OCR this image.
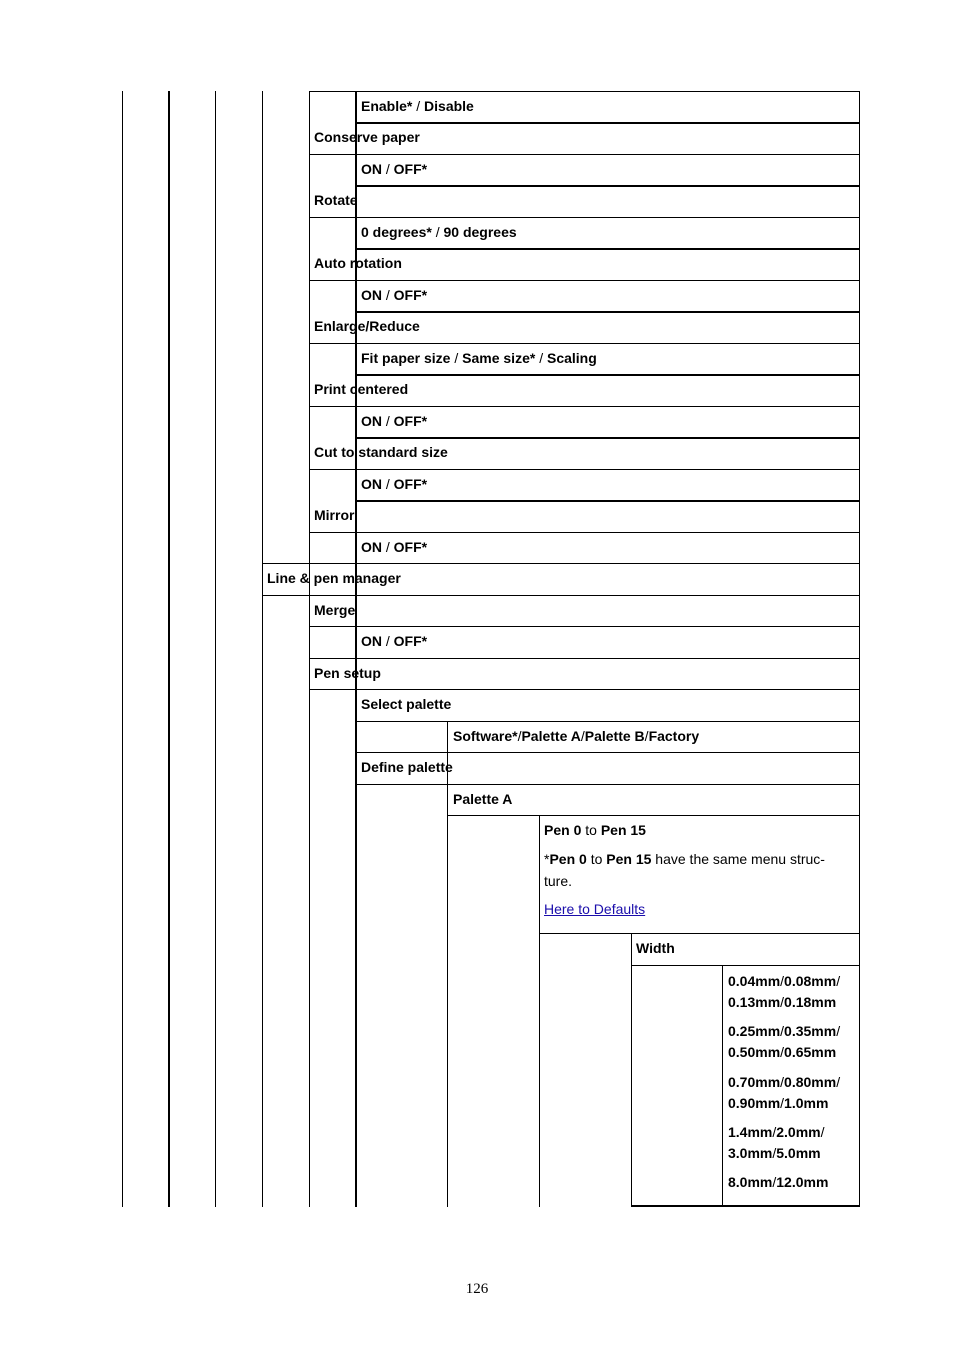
Enable* / Disable
Conserve paper
ON / OFF*
Rotate
0 degrees* / 90 degrees
Auto rotation
ON / OFF*
Enlarge/Reduce
Fit paper size / Same size* / Scaling
Print centered
ON / OFF*
Cut to standard size
ON / OFF*
Mirror
ON / OFF*
Line & pen manager
Merge
ON / OFF*
Pen setup
Select palette
Software*/Palette A/Palette B/Factory
Define palette
Palette A
Pen 0 to Pen 15
*Pen 0 to Pen 15 have the same menu struc-
ture.
Here to Defaults
Width
0.04mm/0.08mm/
0.13mm/0.18mm
0.25mm/0.35mm/
0.50mm/0.65mm
0.70mm/0.80mm/
0.90mm/1.0mm
1.4mm/2.0mm/
3.0mm/5.0mm
8.0mm/12.0mm
126
